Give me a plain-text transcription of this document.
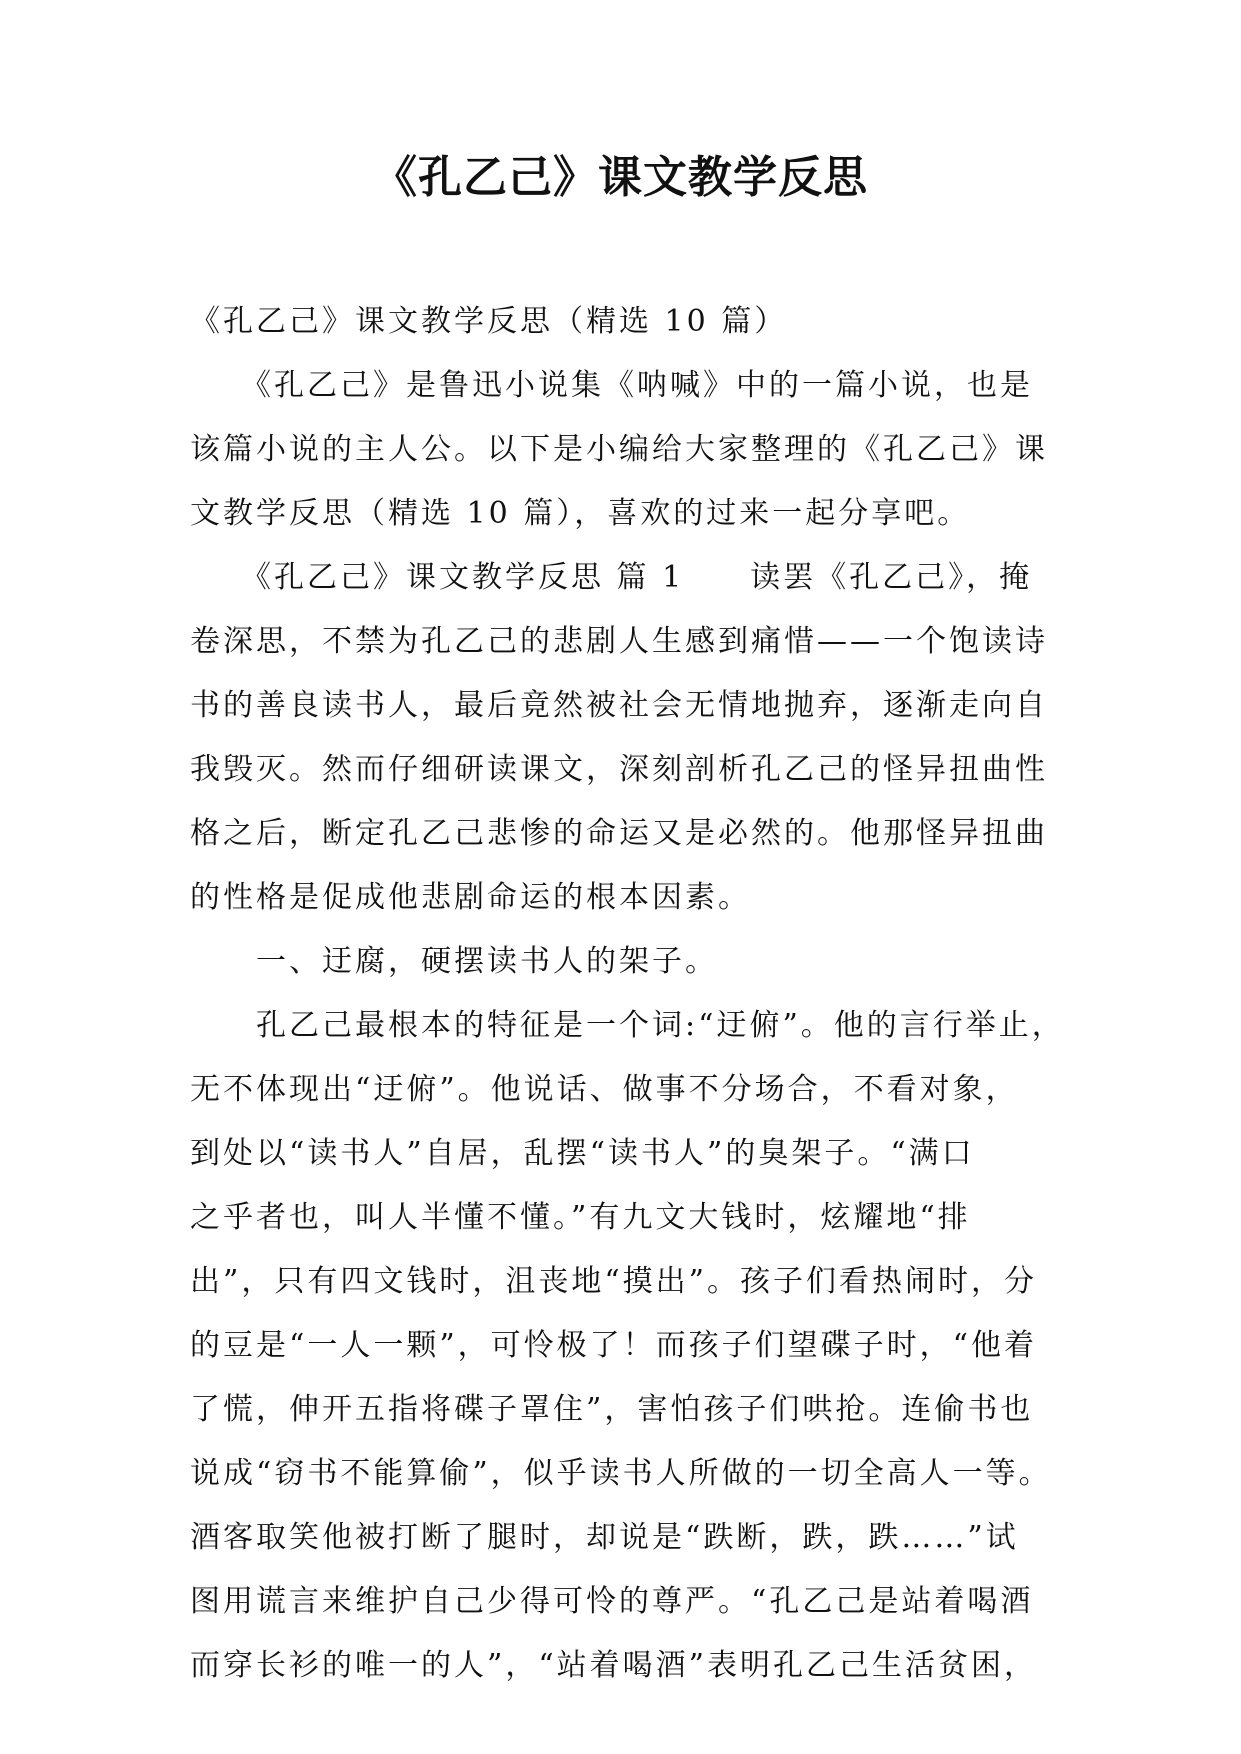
《孔乙己》课文教学反思
《孔乙己》课文教学反思（精选 10 篇）
　　《孔乙己》是鲁迅小说集《呐喊》中的一篇小说，也是
该篇小说的主人公。以下是小编给大家整理的《孔乙己》课
文教学反思（精选 10 篇），喜欢的过来一起分享吧。
　　《孔乙己》课文教学反思 篇 1　　读罢《孔乙己》，掩
卷深思，不禁为孔乙己的悲剧人生感到痛惜——一个饱读诗
书的善良读书人，最后竟然被社会无情地抛弃，逐渐走向自
我毁灭。然而仔细研读课文，深刻剖析孔乙己的怪异扭曲性
格之后，断定孔乙己悲惨的命运又是必然的。他那怪异扭曲
的性格是促成他悲剧命运的根本因素。
　　一、迂腐，硬摆读书人的架子。
　　孔乙己最根本的特征是一个词:“迂俯”。他的言行举止，
无不体现出“迂俯”。他说话、做事不分场合，不看对象，
到处以“读书人”自居，乱摆“读书人”的臭架子。“满口
之乎者也，叫人半懂不懂。”有九文大钱时，炫耀地“排
出”，只有四文钱时，沮丧地“摸出”。孩子们看热闹时，分
的豆是“一人一颗”，可怜极了！而孩子们望碟子时，“他着
了慌，伸开五指将碟子罩住”，害怕孩子们哄抢。连偷书也
说成“窃书不能算偷”，似乎读书人所做的一切全高人一等。
酒客取笑他被打断了腿时，却说是“跌断，跌，跌……”试
图用谎言来维护自己少得可怜的尊严。“孔乙己是站着喝酒
而穿长衫的唯一的人”，“站着喝酒”表明孔乙己生活贫困，
